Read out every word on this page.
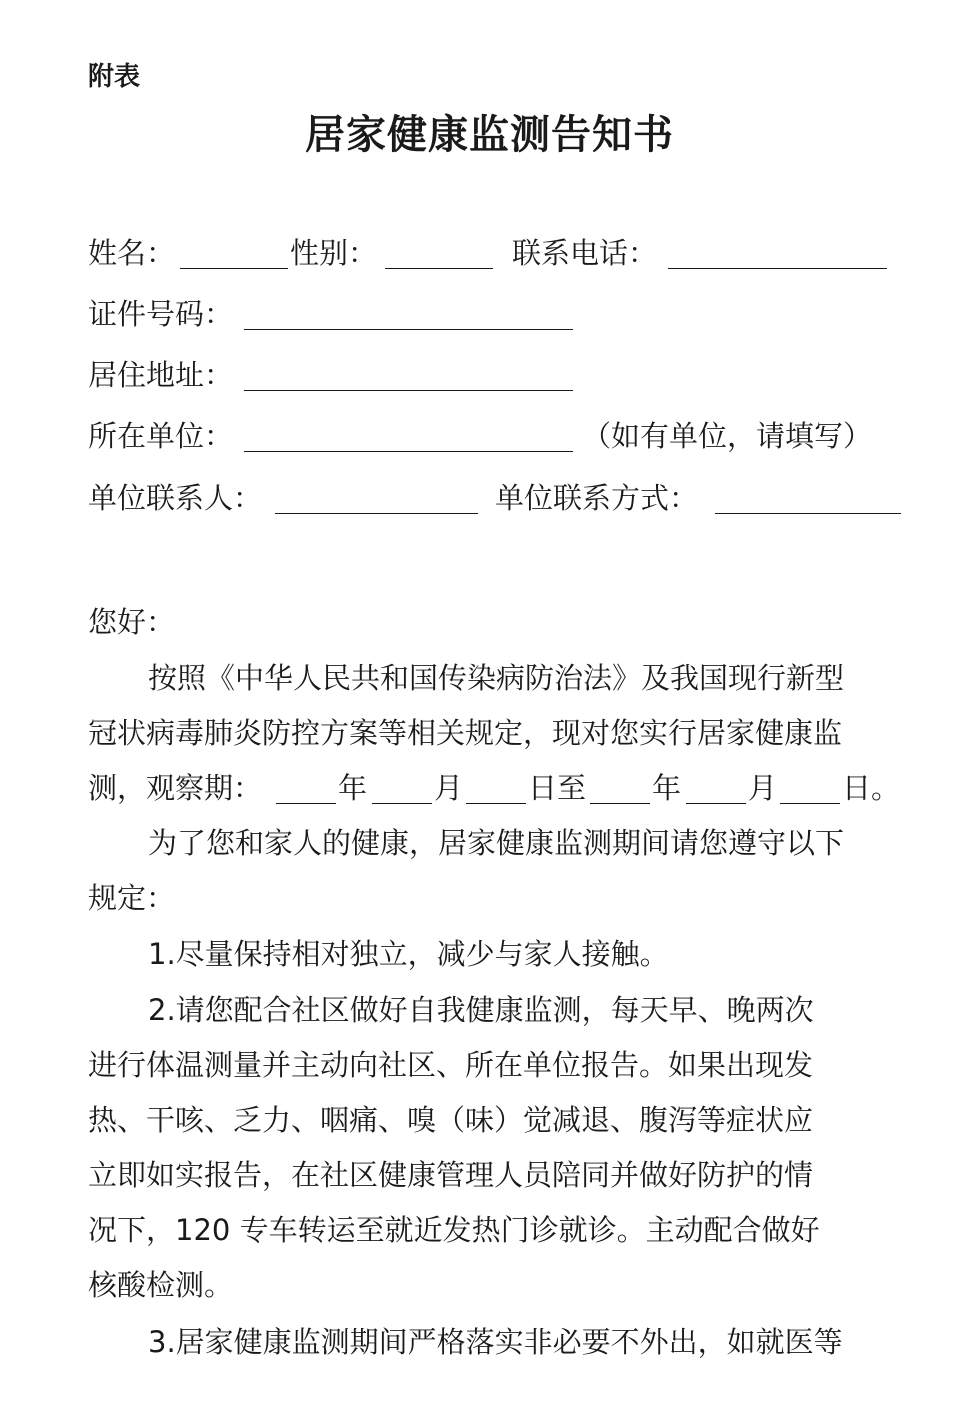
附表
居家健康监测告知书
姓名：	性别：	联系电话：
证件号码：
居住地址：
所在单位：	（如有单位，请填写）
单位联系人：	单位联系方式：
您好：
按照《中华人民共和国传染病防治法》及我国现行新型
冠状病毒肺炎防控方案等相关规定，现对您实行居家健康监
测，观察期：	年 月 日至 年 月 日。
为了您和家人的健康，居家健康监测期间请您遵守以下
规定：
1.尽量保持相对独立，减少与家人接触。
2.请您配合社区做好自我健康监测，每天早、晚两次
进行体温测量并主动向社区、所在单位报告。如果出现发
热、干咳、乏力、咽痛、嗅（味）觉减退、腹泻等症状应
立即如实报告，在社区健康管理人员陪同并做好防护的情
况下，120 专车转运至就近发热门诊就诊。主动配合做好
核酸检测。
3.居家健康监测期间严格落实非必要不外出，如就医等
